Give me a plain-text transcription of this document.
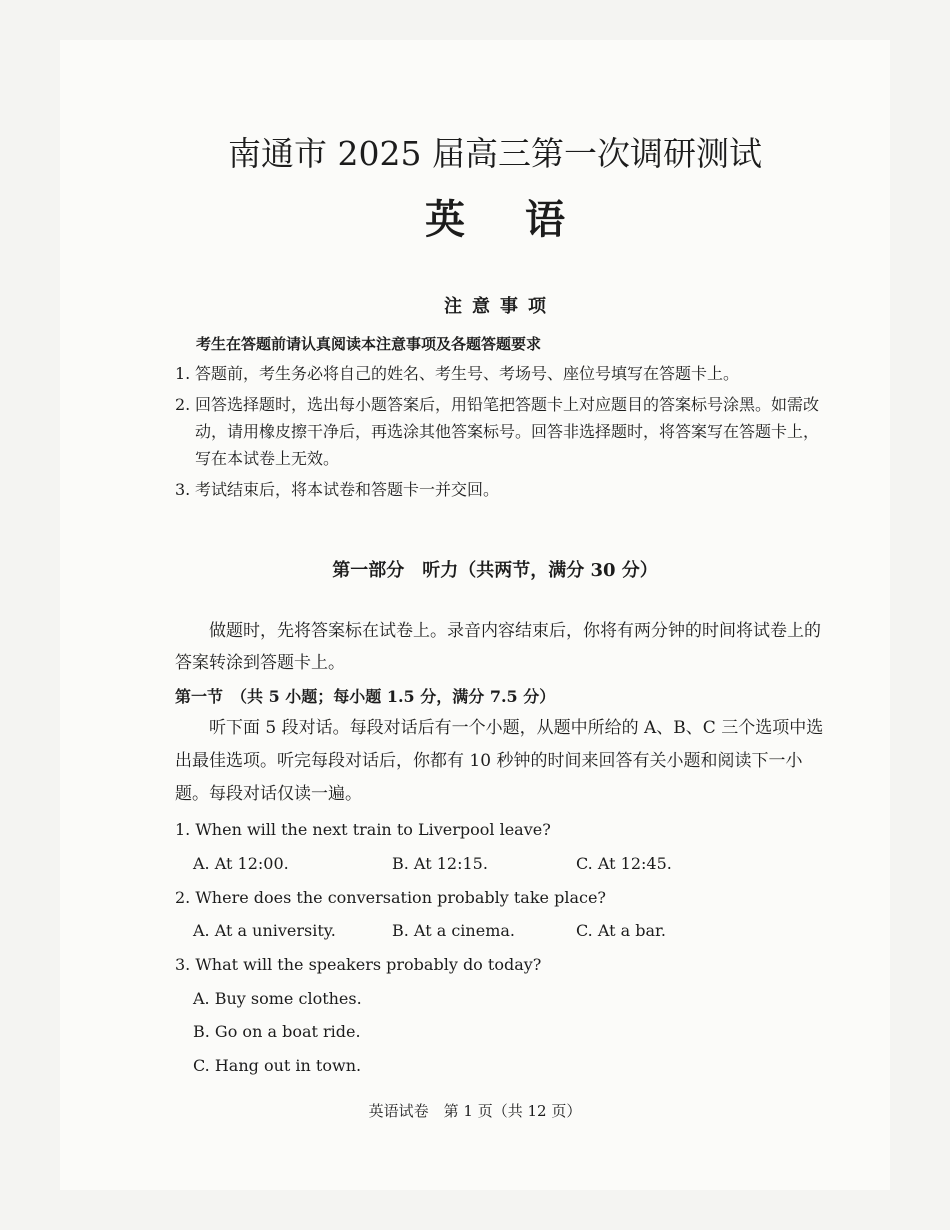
南通市 2025 届高三第一次调研测试
英语
注意事项
考生在答题前请认真阅读本注意事项及各题答题要求
1. 答题前，考生务必将自己的姓名、考生号、考场号、座位号填写在答题卡上。
2. 回答选择题时，选出每小题答案后，用铅笔把答题卡上对应题目的答案标号涂黑。如需改动，请用橡皮擦干净后，再选涂其他答案标号。回答非选择题时，将答案写在答题卡上，写在本试卷上无效。
3. 考试结束后，将本试卷和答题卡一并交回。
第一部分　听力（共两节，满分 30 分）
做题时，先将答案标在试卷上。录音内容结束后，你将有两分钟的时间将试卷上的答案转涂到答题卡上。
第一节　（共 5 小题；每小题 1.5 分，满分 7.5 分）
听下面 5 段对话。每段对话后有一个小题，从题中所给的 A、B、C 三个选项中选出最佳选项。听完每段对话后，你都有 10 秒钟的时间来回答有关小题和阅读下一小题。每段对话仅读一遍。
1. When will the next train to Liverpool leave?
A. At 12:00.	B. At 12:15.	C. At 12:45.
2. Where does the conversation probably take place?
A. At a university.	B. At a cinema.	C. At a bar.
3. What will the speakers probably do today?
A. Buy some clothes.
B. Go on a boat ride.
C. Hang out in town.
英语试卷　第 1 页（共 12 页）
